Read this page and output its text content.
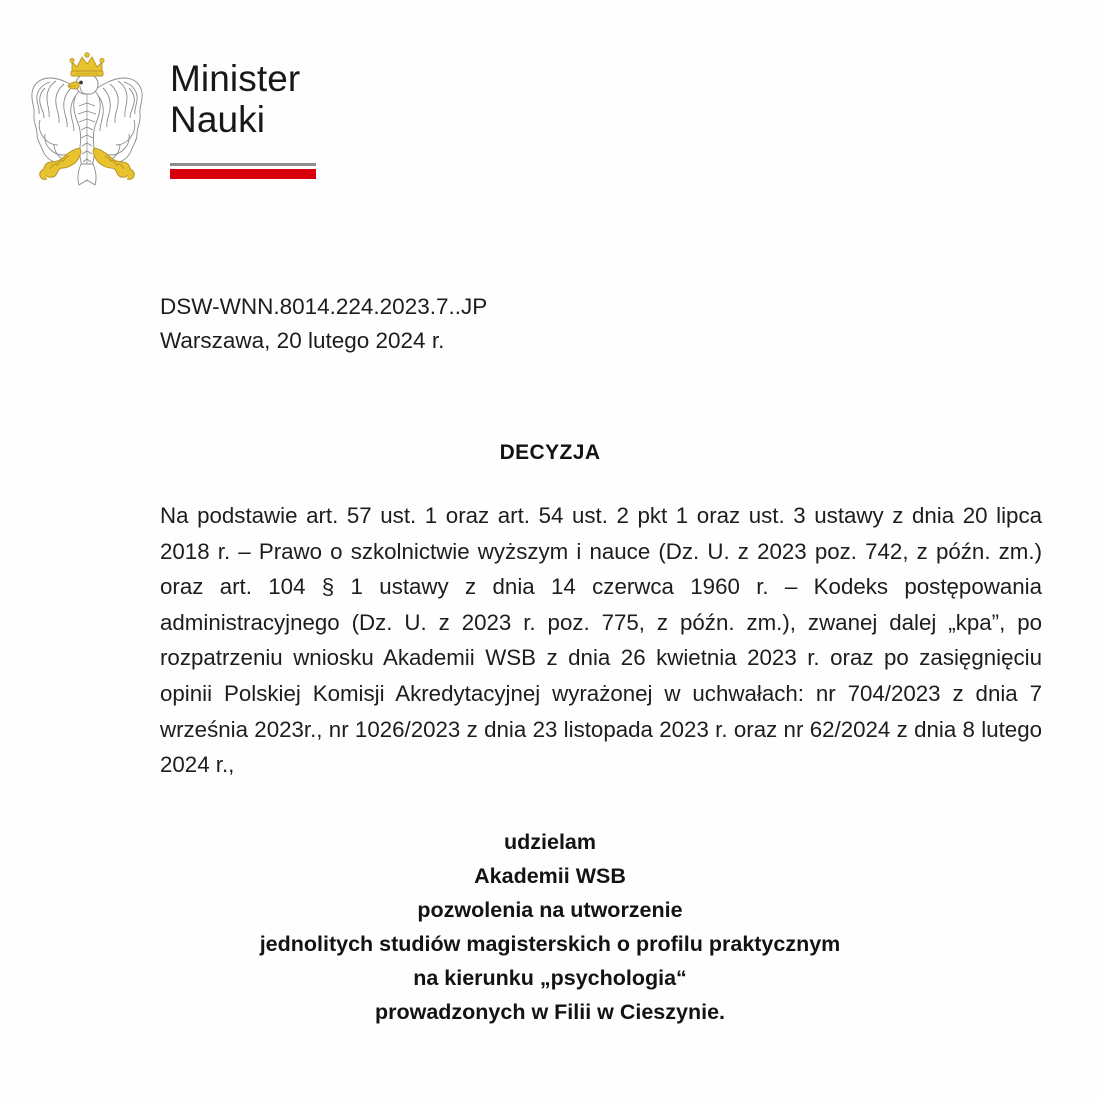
Minister
Nauki
DSW-WNN.8014.224.2023.7..JP
Warszawa, 20 lutego 2024 r.
DECYZJA

Na podstawie art. 57 ust. 1 oraz art. 54 ust. 2 pkt 1 oraz ust. 3 ustawy z dnia 20 lipca 2018 r. – Prawo o szkolnictwie wyższym i nauce (Dz. U. z 2023 poz. 742, z późn. zm.) oraz art. 104 § 1 ustawy z dnia 14 czerwca 1960 r. – Kodeks postępowania administracyjnego (Dz. U. z 2023 r. poz. 775, z późn. zm.), zwanej dalej „kpa”, po rozpatrzeniu wniosku Akademii WSB z dnia 26 kwietnia 2023 r. oraz po zasięgnięciu opinii Polskiej Komisji Akredytacyjnej wyrażonej w uchwałach: nr 704/2023 z dnia 7 września 2023r., nr 1026/2023 z dnia 23 listopada 2023 r. oraz nr 62/2024 z dnia 8 lutego 2024 r.,

udzielam
Akademii WSB
pozwolenia na utworzenie
jednolitych studiów magisterskich o profilu praktycznym
na kierunku „psychologia“
prowadzonych w Filii w Cieszynie.
